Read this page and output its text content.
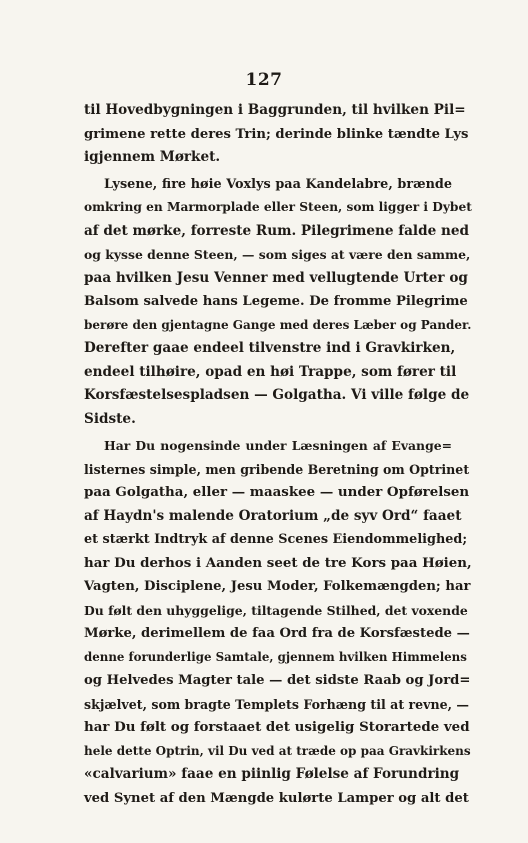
127
til Hovedbygningen i Baggrunden, til hvilken Pil=
grimene rette deres Trin; derinde blinke tændte Lys
igjennem Mørket.
Lysene, fire høie Voxlys paa Kandelabre, brænde
omkring en Marmorplade eller Steen, som ligger i Dybet
af det mørke, forreste Rum. Pilegrimene falde ned
og kysse denne Steen, — som siges at være den samme,
paa hvilken Jesu Venner med vellugtende Urter og
Balsom salvede hans Legeme. De fromme Pilegrime
berøre den gjentagne Gange med deres Læber og Pander.
Derefter gaae endeel tilvenstre ind i Gravkirken,
endeel tilhøire, opad en høi Trappe, som fører til
Korsfæstelsespladsen — Golgatha. Vi ville følge de
Sidste.
Har Du nogensinde under Læsningen af Evange=
listernes simple, men gribende Beretning om Optrinet
paa Golgatha, eller — maaskee — under Opførelsen
af Haydn's malende Oratorium „de syv Ord“ faaet
et stærkt Indtryk af denne Scenes Eiendommelighed;
har Du derhos i Aanden seet de tre Kors paa Høien,
Vagten, Disciplene, Jesu Moder, Folkemængden; har
Du følt den uhyggelige, tiltagende Stilhed, det voxende
Mørke, derimellem de faa Ord fra de Korsfæstede —
denne forunderlige Samtale, gjennem hvilken Himmelens
og Helvedes Magter tale — det sidste Raab og Jord=
skjælvet, som bragte Templets Forhæng til at revne, —
har Du følt og forstaaet det usigelig Storartede ved
hele dette Optrin, vil Du ved at træde op paa Gravkirkens
«calvarium» faae en piinlig Følelse af Forundring
ved Synet af den Mængde kulørte Lamper og alt det
